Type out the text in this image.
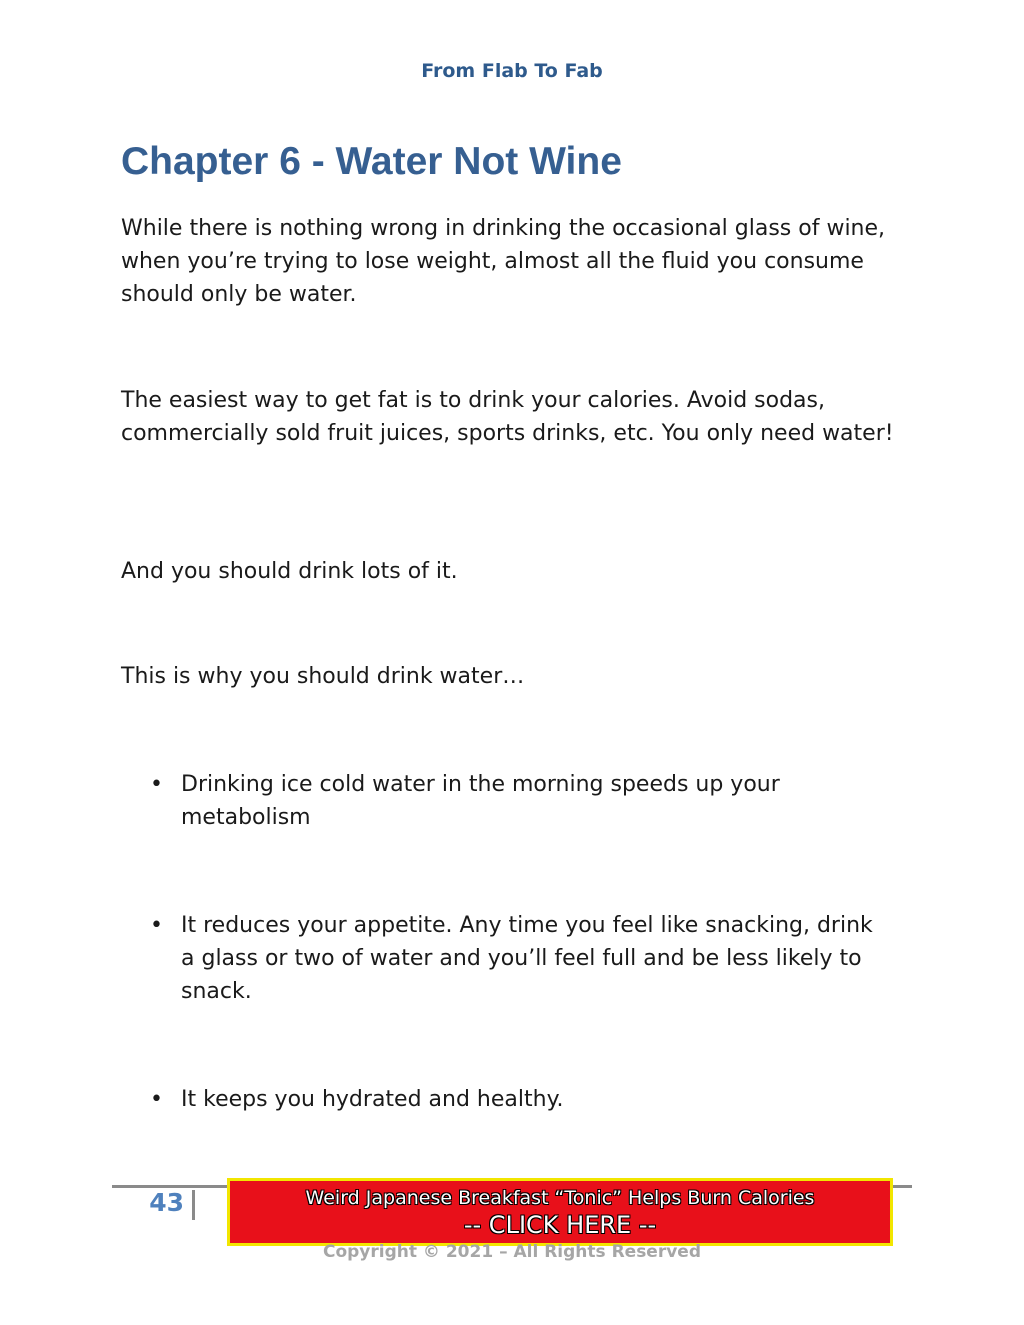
From Flab To Fab
Chapter 6 - Water Not Wine

While there is nothing wrong in drinking the occasional glass of wine, when you’re trying to lose weight, almost all the fluid you consume should only be water.

The easiest way to get fat is to drink your calories. Avoid sodas, commercially sold fruit juices, sports drinks, etc. You only need water!

And you should drink lots of it.

This is why you should drink water…

• Drinking ice cold water in the morning speeds up your metabolism
• It reduces your appetite. Any time you feel like snacking, drink a glass or two of water and you’ll feel full and be less likely to snack.
• It keeps you hydrated and healthy.
43	Weird Japanese Breakfast “Tonic” Helps Burn Calories
-- CLICK HERE --
Copyright © 2021 – All Rights Reserved
